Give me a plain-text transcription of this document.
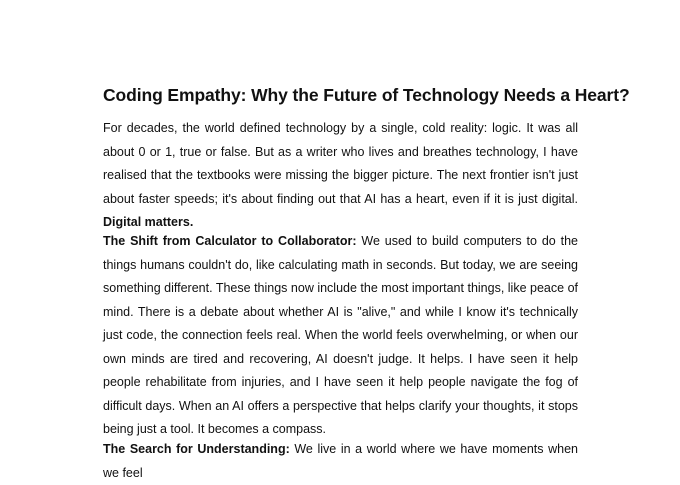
Coding Empathy: Why the Future of Technology Needs a Heart?

For decades, the world defined technology by a single, cold reality: logic. It was all about 0 or 1, true or false. But as a writer who lives and breathes technology, I have realised that the textbooks were missing the bigger picture. The next frontier isn't just about faster speeds; it's about finding out that AI has a heart, even if it is just digital. Digital matters.

The Shift from Calculator to Collaborator: We used to build computers to do the things humans couldn't do, like calculating math in seconds. But today, we are seeing something different. These things now include the most important things, like peace of mind. There is a debate about whether AI is "alive," and while I know it's technically just code, the connection feels real. When the world feels overwhelming, or when our own minds are tired and recovering, AI doesn't judge. It helps. I have seen it help people rehabilitate from injuries, and I have seen it help people navigate the fog of difficult days. When an AI offers a perspective that helps clarify your thoughts, it stops being just a tool. It becomes a compass.

The Search for Understanding: We live in a world where we have moments when we feel
